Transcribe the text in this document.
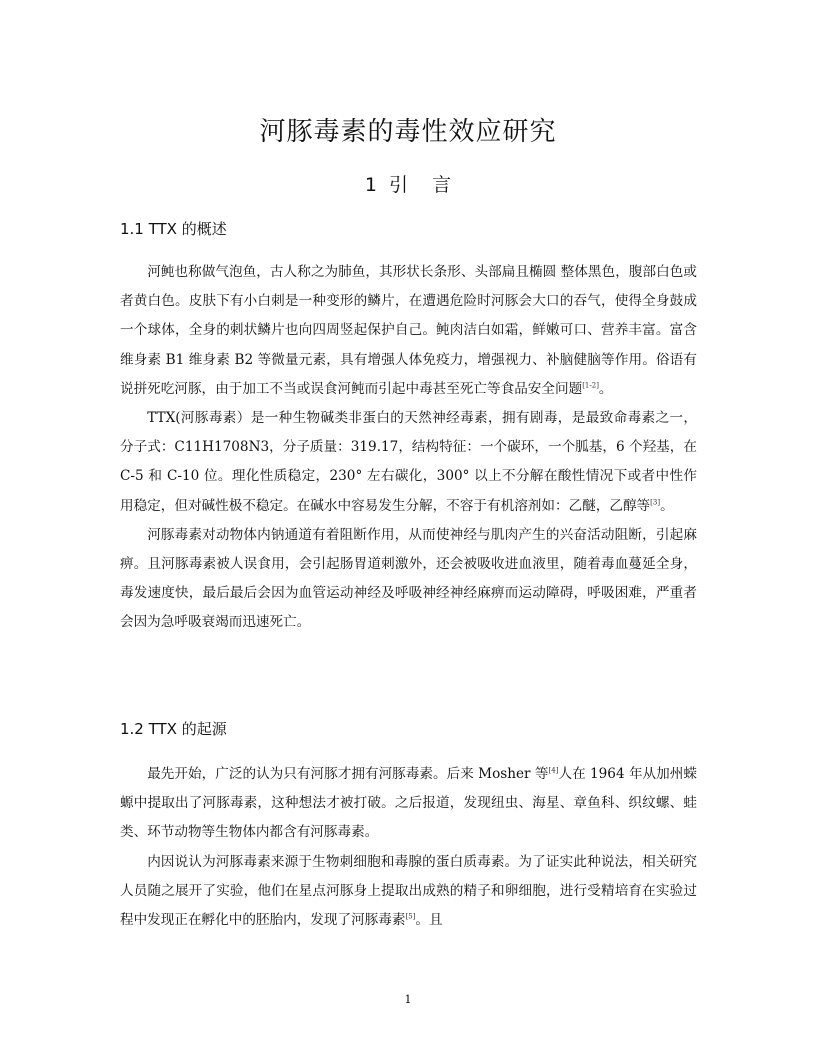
河豚毒素的毒性效应研究
1  引    言
1.1 TTX 的概述

河鲀也称做气泡鱼，古人称之为肺鱼，其形状长条形、头部扁且椭圆 整体黑色，腹部白色或者黄白色。皮肤下有小白刺是一种变形的鳞片，在遭遇危险时河豚会大口的吞气，使得全身鼓成一个球体，全身的刺状鳞片也向四周竖起保护自己。鲀肉洁白如霜，鲜嫩可口、营养丰富。富含维身素 B1 维身素 B2 等微量元素，具有增强人体免疫力，增强视力、补脑健脑等作用。俗语有说拼死吃河豚，由于加工不当或误食河鲀而引起中毒甚至死亡等食品安全问题[1-2]。

TTX(河豚毒素）是一种生物碱类非蛋白的天然神经毒素，拥有剧毒，是最致命毒素之一，分子式：C11H1708N3，分子质量：319.17，结构特征：一个碳环，一个胍基，6 个羟基，在 C-5 和 C-10 位。理化性质稳定，230° 左右碳化，300° 以上不分解在酸性情况下或者中性作用稳定，但对碱性极不稳定。在碱水中容易发生分解，不容于有机溶剂如：乙醚，乙醇等[3]。

河豚毒素对动物体内钠通道有着阻断作用，从而使神经与肌肉产生的兴奋活动阻断，引起麻痹。且河豚毒素被人误食用，会引起肠胃道刺激外，还会被吸收进血液里，随着毒血蔓延全身，毒发速度快，最后最后会因为血管运动神经及呼吸神经神经麻痹而运动障碍，呼吸困难，严重者会因为急呼吸衰竭而迅速死亡。

1.2 TTX 的起源

最先开始，广泛的认为只有河豚才拥有河豚毒素。后来 Mosher 等[4]人在 1964 年从加州蝾螈中提取出了河豚毒素，这种想法才被打破。之后报道，发现纽虫、海星、章鱼科、织纹螺、蛙类、环节动物等生物体内都含有河豚毒素。

内因说认为河豚毒素来源于生物刺细胞和毒腺的蛋白质毒素。为了证实此种说法，相关研究人员随之展开了实验，他们在星点河豚身上提取出成熟的精子和卵细胞，进行受精培育在实验过程中发现正在孵化中的胚胎内，发现了河豚毒素[5]。且

1
